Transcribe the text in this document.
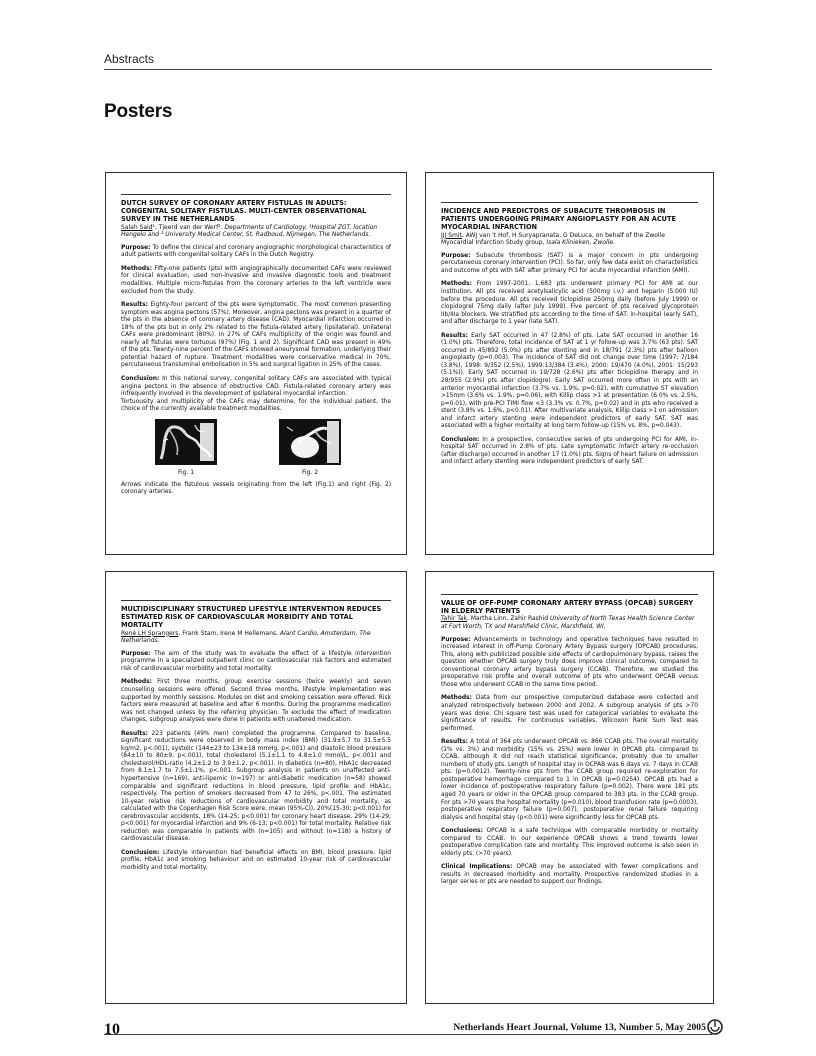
Abstracts
Posters
DUTCH SURVEY OF CORONARY ARTERY FISTULAS IN ADULTS: CONGENITAL SOLITARY FISTULAS. MULTI-CENTER OBSERVATIONAL SURVEY IN THE NETHERLANDS
Salah Said¹, Tjeerd van der Werf². Departments of Cardiology, ¹Hospital ZGT, location Hengelo and ² University Medical Center, St. Radboud, Nijmegen, The Netherlands.
Purpose: To define the clinical and coronary angiographic morphological characteristics of adult patients with congenital solitary CAFs in the Dutch Registry.
Methods: Fifty-one patients (pts) with angiographically documented CAFs were reviewed for clinical evaluation, used non-invasive and invasive diagnostic tools and treatment modalities. Multiple micro-fistulas from the coronary arteries to the left ventricle were excluded from the study.
Results: Eighty-four percent of the pts were symptomatic. The most common presenting symptom was angina pectons (57%). Moreover, angina pectons was present in a quarter of the pts in the absence of coronary artery disease (CAD). Myocardial infarction occurred in 18% of the pts but in only 2% related to the fistula-related artery (ipsilateral). Unilateral CAFs were predominant (80%). In 27% of CAFs multiplicity of the origin was found and nearly all fistulas were tortuous (97%) (Fig. 1 and 2). Significant CAD was present in 49% of the pts. Twenty-nine percent of the CAFs showed aneurysmal formation, underlying their potential hazard of rupture. Treatment modalities were conservative medical in 70%, percutaneous transluminal embolisation in 5% and surgical ligation in 25% of the cases.
Conclusion: In this national survey, congenital solitary CAFs are associated with typical angina pectons in the absence of obstructive CAD. Fistula-related coronary artery was infrequently involved in the development of ipsilateral myocardial infarction.
Tortuousity and multiplicity of the CAFs may determine, for the individual patient, the choice of the currently available treatment modalities.
Fig. 1	Fig. 2
Arrows indicate the fistulous vessels originating from the left (Fig.1) and right (Fig. 2) coronary arteries.
INCIDENCE AND PREDICTORS OF SUBACUTE THROMBOSIS IN PATIENTS UNDERGOING PRIMARY ANGIOPLASTY FOR AN ACUTE MYOCARDIAL INFARCTION
JJJ Smit, AWJ van 't Hof, H Suryapranata, G DeLuca, on behalf of the Zwolle Myocardial Infarction Study group, Isala Klinieken, Zwolle.
Purpose: Subacute thrombosis (SAT) is a major concern in pts undergoing percutaneous coronary intervention (PCI). So far, only few data exist on characteristics and outcome of pts with SAT after primary PCI for acute myocardial infarction (AMI).
Methods: From 1997-2001, 1.683 pts underwent primary PCI for AMI at our institution. All pts received acetylsalicylic acid (500mg i.v.) and heparin (5.000 IU) before the procedure. All pts received ticlopidine 250mg daily (before July 1999) or clopidogrel 75mg daily (after July 1999). Five percent of pts received glycoprotein IIb/IIIa blockers. We stratified pts according to the time of SAT: in-hospital (early SAT), and after discharge to 1 year (late SAT).
Results: Early SAT occurred in 47 (2.8%) of pts. Late SAT occurred in another 16 (1.0%) pts. Therefore, total incidence of SAT at 1 yr follow-up was 3.7% (63 pts). SAT occurred in 45/892 (5.0%) pts after stenting and in 18/791 (2.3%) pts after balloon angioplasty (p=0.003). The incidence of SAT did not change over time (1997: 7/184 (3.8%), 1998: 9/352 (2.5%), 1999:13/384 (3.4%), 2000: 19/470 (4.0%), 2001: 15/293 (5.1%)). Early SAT occurred in 19/728 (2.6%) pts after ticlopidine therapy and in 28/955 (2.9%) pts after clopidogrel. Early SAT occurred more often in pts with an anterior myocardial infarction (3.7% vs. 1.9%, p=0.02), with cumulative ST elevation >15mm (3.6% vs. 1.9%, p=0.06), with Killip class >1 at presentation (6.0% vs. 2.5%, p=0.01), with pre-PCI TIMI flow <3 (3.3% vs. 0.7%, p=0.02) and in pts who received a stent (3.8% vs. 1.6%, p<0.01). After multivariate analysis, Killip class >1 on admission and infarct artery stenting were independent predictors of early SAT. SAT was associated with a higher mortality at long term follow-up (15% vs. 8%, p=0.043).
Conclusion: In a prospective, consecutive series of pts undergoing PCI for AMI, in-hospital SAT occurred in 2.8% of pts. Late symptomatic infarct artery re-occlusion (after discharge) occurred in another 17 (1.0%) pts. Signs of heart failure on admission and infarct artery stenting were independent predictors of early SAT.
MULTIDISCIPLINARY STRUCTURED LIFESTYLE INTERVENTION REDUCES ESTIMATED RISK OF CARDIOVASCULAR MORBIDITY AND TOTAL MORTALITY
René LH Sprangers, Frank Stam, Irene M Hellemans. Alant Cardio, Amsterdam, The Netherlands.
Purpose: The aim of the study was to evaluate the effect of a lifestyle intervention programme in a specialized outpatient clinic on cardiovascular risk factors and estimated risk of cardiovascular morbidity and total mortality.
Methods: First three months, group exercise sessions (twice weekly) and seven counselling sessions were offered. Second three months, lifestyle implementation was supported by monthly sessions. Modules on diet and smoking cessation were offered. Risk factors were measured at baseline and after 6 months. During the programme medication was not changed unless by the referring physician. To exclude the effect of medication changes, subgroup analyses were done in patients with unaltered medication.
Results: 223 patients (49% men) completed the programme. Compared to baseline, significant reductions were observed in body mass index (BMI) (31.9±5.7 to 31.5±5.5 kg/m2, p<.001), systolic (144±23 to 134±18 mmHg, p<.001) and diastolic blood pressure (84±10 to 80±9, p<.001), total cholesterol (5.1±1.1 to 4.8±1.0 mmol/L, p<.001) and cholesterol/HDL-ratio (4.2±1.2 to 3.9±1.2, p<.001). In diabetics (n=80), HbA1c decreased from 8.1±1.7 to 7.5±1.1%, p<.001. Subgroup analysis in patients on unaffected anti-hypertensive (n=169), anti-lipemic (n=197) or anti-diabetic medication (n=58) showed comparable and significant reductions in blood pressure, lipid profile and HbA1c, respectively. The portion of smokers decreased from 47 to 26%, p<.001. The estimated 10-year relative risk reductions of cardiovascular morbidity and total mortality, as calculated with the Copenhagen Risk Score were, mean (95%-CI), 20%(15-30; p<0.001) for cerebrovascular accidents, 18% (14-25; p<0.001) for coronary heart disease, 29% (14-29; p<0.001) for myocardial infarction and 9% (6-13; p<0.001) for total mortality. Relative risk reduction was comparable in patients with (n=105) and without (n=118) a history of cardiovascular disease.
Conclusion: Lifestyle intervention had beneficial effects on BMI, blood pressure, lipid profile, HbA1c and smoking behaviour and on estimated 10-year risk of cardiovascular morbidity and total mortality.
VALUE OF OFF-PUMP CORONARY ARTERY BYPASS (OPCAB) SURGERY IN ELDERLY PATIENTS
Tahir Tak, Martha Linn, Zahir Rashid University of North Texas Health Science Center at Fort Worth, TX and Marshfield Clinic, Marshfield, WI.
Purpose: Advancements in technology and operative techniques have resulted in increased interest in off-Pump Coronary Artery Bypass surgery (OPCAB) procedures. This, along with publicized possible side effects of cardiopulmonary bypass, raises the question whether OPCAB surgery truly does improve clinical outcome, compared to conventional coronary artery bypass surgery (CCAB). Therefore, we studied the preoperative risk profile and overall outcome of pts who underwent OPCAB versus those who underwent CCAB in the same time period.
Methods: Data from our prospective computerized database were collected and analyzed retrospectively between 2000 and 2002. A subgroup analysis of pts >70 years was done. Chi square test was used for categorical variables to evaluate the significance of results. For continuous variables, Wilcoxon Rank Sum Test was performed.
Results: A total of 364 pts underwent OPCAB vs. 866 CCAB pts. The overall mortality (1% vs. 3%) and morbidity (15% vs. 25%) were lower in OPCAB pts. compared to CCAB, although it did not reach statistical significance, probably due to smaller numbers of study pts. Length of hospital stay in OCPAB was 6 days vs. 7 days in CCAB pts. (p=0.0012). Twenty-nine pts from the CCAB group required re-exploration for postoperative hemorrhage compared to 1 in OPCAB (p=0.0254). OPCAB pts had a lower incidence of postoperative respiratory failure (p=0.002). There were 181 pts aged 70 years or older in the OPCAB group compared to 383 pts. in the CCAB group. For pts >70 years the hospital mortality (p=0.010), blood transfusion rate (p=0.0003), postoperative respiratory failure (p=0.007), postoperative renal failure requiring dialysis and hospital stay (p<0.001) were significantly less for OPCAB pts.
Conclusions: OPCAB is a safe technique with comparable morbidity or mortality compared to CCAB. In our experience OPCAB shows a trend towards lower postoperative complication rate and mortality. This improved outcome is also seen in elderly pts. (>70 years).
Clinical Implications: OPCAB may be associated with fewer complications and results in decreased morbidity and mortality. Prospective randomized studies in a larger series or pts are needed to support our findings.
10	Netherlands Heart Journal, Volume 13, Number 5, May 2005
